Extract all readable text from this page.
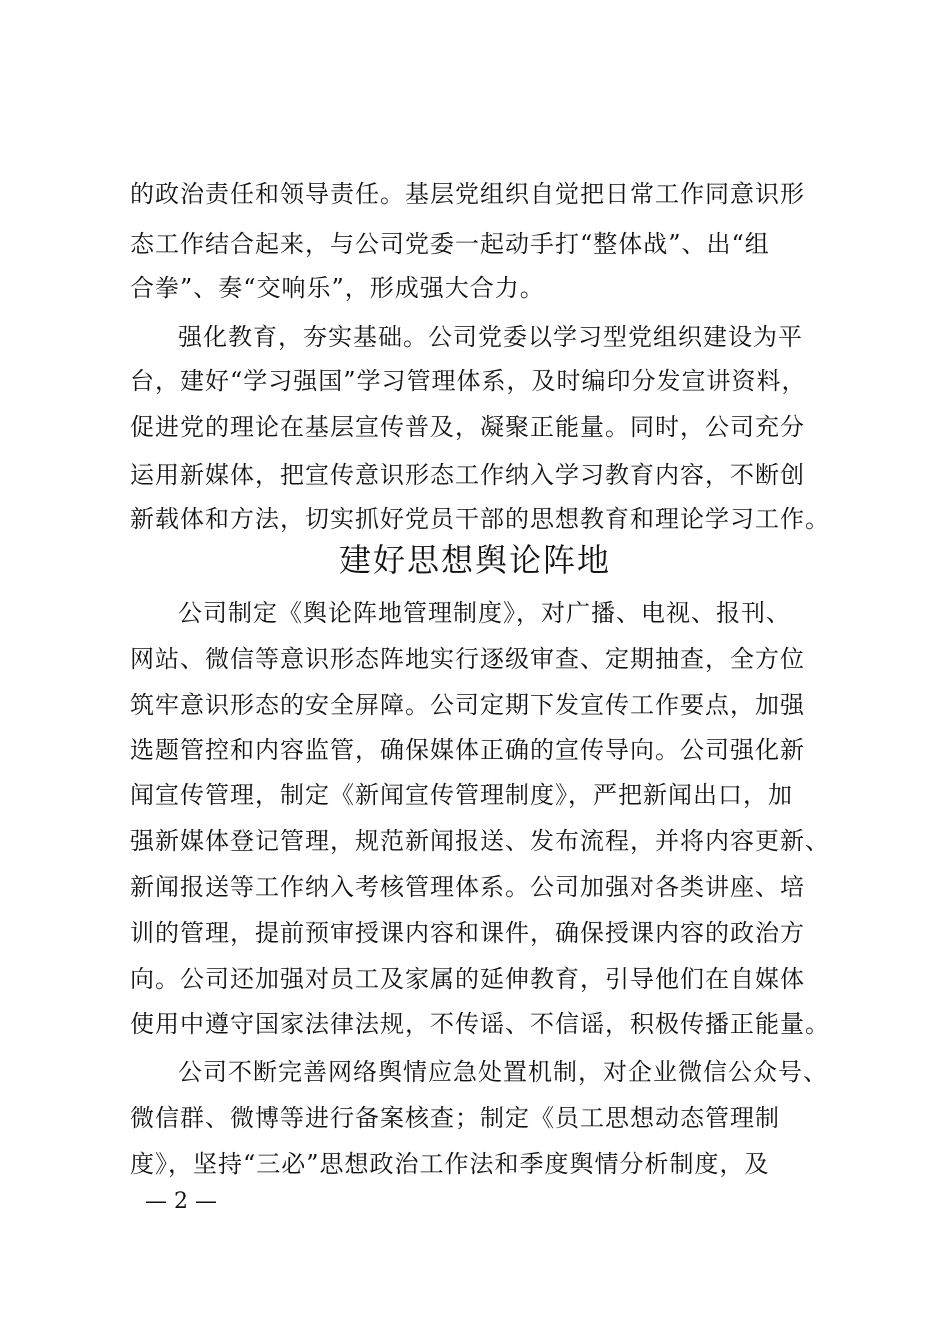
的政治责任和领导责任。基层党组织自觉把日常工作同意识形
态工作结合起来，与公司党委一起动手打“整体战”、出“组
合拳”、奏“交响乐”，形成强大合力。
强化教育，夯实基础。公司党委以学习型党组织建设为平
台，建好“学习强国”学习管理体系，及时编印分发宣讲资料，
促进党的理论在基层宣传普及，凝聚正能量。同时，公司充分
运用新媒体，把宣传意识形态工作纳入学习教育内容，不断创
新载体和方法，切实抓好党员干部的思想教育和理论学习工作。
建好思想舆论阵地
公司制定《舆论阵地管理制度》，对广播、电视、报刊、
网站、微信等意识形态阵地实行逐级审查、定期抽查，全方位
筑牢意识形态的安全屏障。公司定期下发宣传工作要点，加强
选题管控和内容监管，确保媒体正确的宣传导向。公司强化新
闻宣传管理，制定《新闻宣传管理制度》，严把新闻出口，加
强新媒体登记管理，规范新闻报送、发布流程，并将内容更新、
新闻报送等工作纳入考核管理体系。公司加强对各类讲座、培
训的管理，提前预审授课内容和课件，确保授课内容的政治方
向。公司还加强对员工及家属的延伸教育，引导他们在自媒体
使用中遵守国家法律法规，不传谣、不信谣，积极传播正能量。
公司不断完善网络舆情应急处置机制，对企业微信公众号、
微信群、微博等进行备案核查；制定《员工思想动态管理制
度》，坚持“三必”思想政治工作法和季度舆情分析制度，及
— 2 —
